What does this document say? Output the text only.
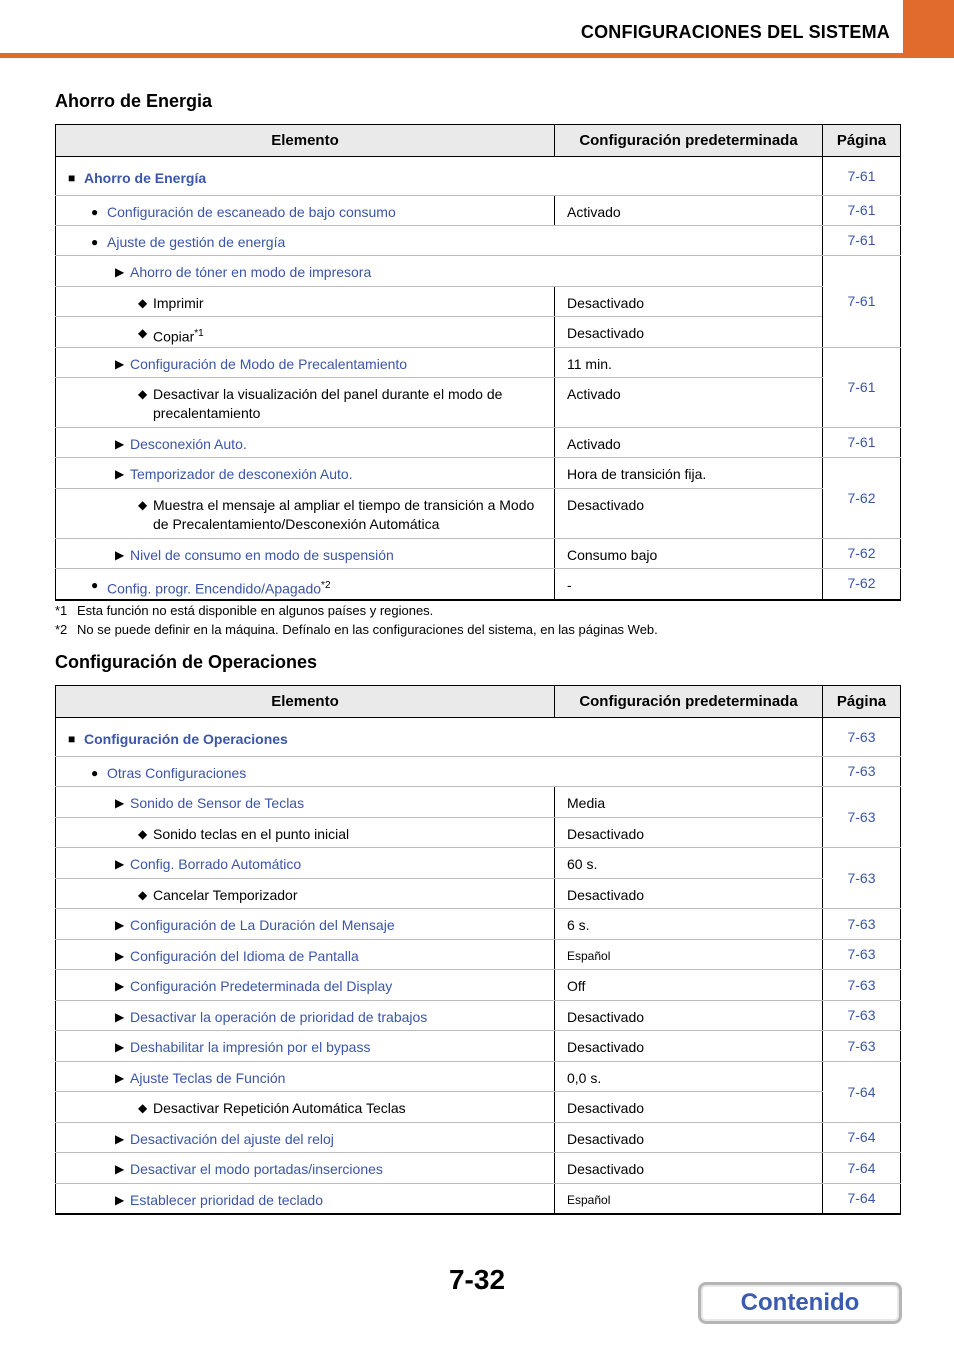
CONFIGURACIONES DEL SISTEMA
Ahorro de Energia
Elemento	Configuración predeterminada	Página

■ Ahorro de Energía		7-61

● Configuración de escaneado de bajo consumo	Activado	7-61

● Ajuste de gestión de energía		7-61

▶ Ahorro de tóner en modo de impresora		7-61

◆ Imprimir	Desactivado	

◆ Copiar$^{*1}$	Desactivado	

▶ Configuración de Modo de Precalentamiento	11 min.	7-61

◆ Desactivar la visualización del panel durante el modo de precalentamiento	Activado	

▶ Desconexión Auto.	Activado	7-61

▶ Temporizador de desconexión Auto.	Hora de transición fija.	7-62

◆ Muestra el mensaje al ampliar el tiempo de transición a Modo de Precalentamiento/Desconexión Automática	Desactivado	

▶ Nivel de consumo en modo de suspensión	Consumo bajo	7-62

● Config. progr. Encendido/Apagado$^{*2}$	-	7-62
*1 Esta función no está disponible en algunos países y regiones.
*2 No se puede definir en la máquina. Defínalo en las configuraciones del sistema, en las páginas Web.
Configuración de Operaciones
Elemento	Configuración predeterminada	Página

■ Configuración de Operaciones		7-63

● Otras Configuraciones		7-63

▶ Sonido de Sensor de Teclas	Media	7-63

◆ Sonido teclas en el punto inicial	Desactivado	

▶ Config. Borrado Automático	60 s.	7-63

◆ Cancelar Temporizador	Desactivado	

▶ Configuración de La Duración del Mensaje	6 s.	7-63

▶ Configuración del Idioma de Pantalla	Español	7-63

▶ Configuración Predeterminada del Display	Off	7-63

▶ Desactivar la operación de prioridad de trabajos	Desactivado	7-63

▶ Deshabilitar la impresión por el bypass	Desactivado	7-63

▶ Ajuste Teclas de Función	0,0 s.	7-64

◆ Desactivar Repetición Automática Teclas	Desactivado	

▶ Desactivación del ajuste del reloj	Desactivado	7-64

▶ Desactivar el modo portadas/inserciones	Desactivado	7-64

▶ Establecer prioridad de teclado	Español	7-64
7-32
Contenido
